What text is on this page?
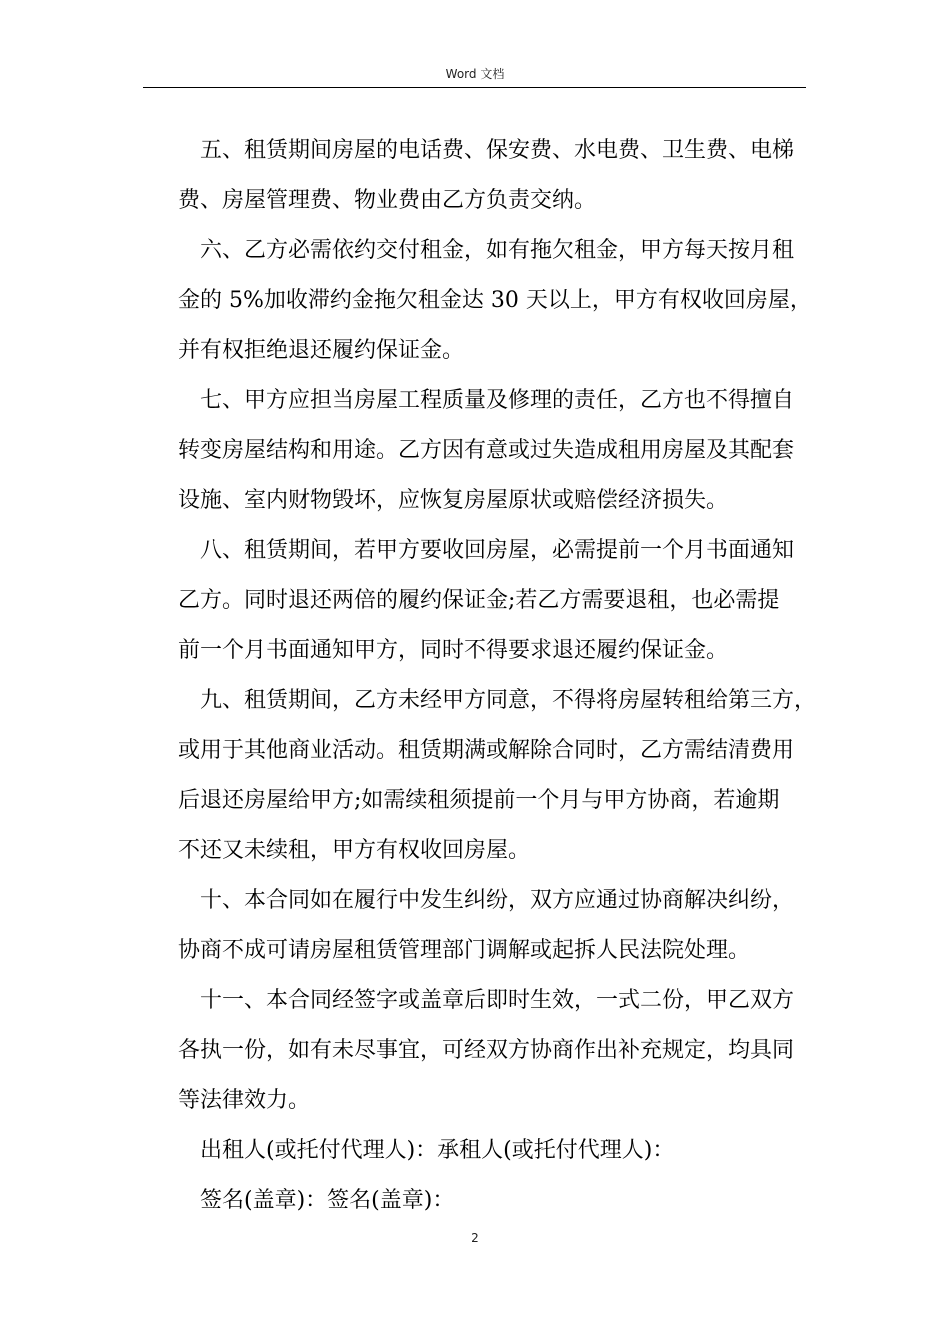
Word 文档
五、租赁期间房屋的电话费、保安费、水电费、卫生费、电梯
费、房屋管理费、物业费由乙方负责交纳。
六、乙方必需依约交付租金，如有拖欠租金，甲方每天按月租
金的 5%加收滞约金拖欠租金达 30 天以上，甲方有权收回房屋，
并有权拒绝退还履约保证金。
七、甲方应担当房屋工程质量及修理的责任，乙方也不得擅自
转变房屋结构和用途。乙方因有意或过失造成租用房屋及其配套
设施、室内财物毁坏，应恢复房屋原状或赔偿经济损失。
八、租赁期间，若甲方要收回房屋，必需提前一个月书面通知
乙方。同时退还两倍的履约保证金;若乙方需要退租，也必需提
前一个月书面通知甲方，同时不得要求退还履约保证金。
九、租赁期间，乙方未经甲方同意，不得将房屋转租给第三方，
或用于其他商业活动。租赁期满或解除合同时，乙方需结清费用
后退还房屋给甲方;如需续租须提前一个月与甲方协商，若逾期
不还又未续租，甲方有权收回房屋。
十、本合同如在履行中发生纠纷，双方应通过协商解决纠纷，
协商不成可请房屋租赁管理部门调解或起拆人民法院处理。
十一、本合同经签字或盖章后即时生效，一式二份，甲乙双方
各执一份，如有未尽事宜，可经双方协商作出补充规定，均具同
等法律效力。
出租人(或托付代理人)：承租人(或托付代理人)：
签名(盖章)：签名(盖章)：
2
